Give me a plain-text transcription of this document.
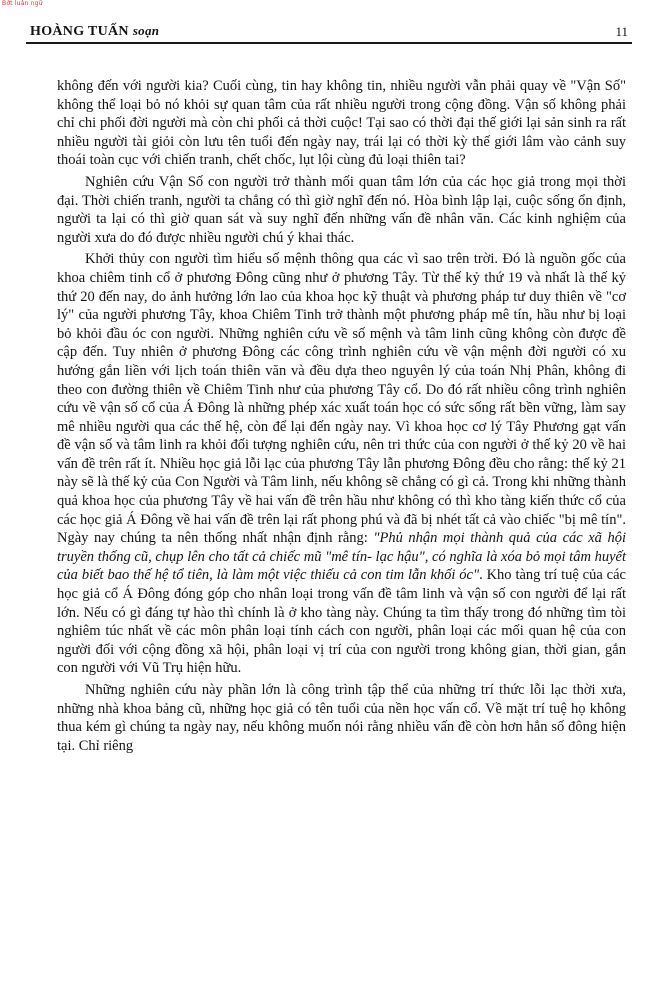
Bớt luận ngữ
HOÀNG TUẤN soạn	11

không đến với người kia? Cuối cùng, tin hay không tin, nhiều người vẫn phải quay về "Vận Số" không thể loại bỏ nó khỏi sự quan tâm của rất nhiều người trong cộng đồng. Vận số không phải chỉ chi phối đời người mà còn chi phối cả thời cuộc! Tại sao có thời đại thế giới lại sản sinh ra rất nhiều người tài giỏi còn lưu tên tuổi đến ngày nay, trái lại có thời kỳ thế giới lâm vào cảnh suy thoái toàn cục với chiến tranh, chết chốc, lụt lội cùng đủ loại thiên tai?

Nghiên cứu Vận Số con người trở thành mối quan tâm lớn của các học giả trong mọi thời đại. Thời chiến tranh, người ta chẳng có thì giờ nghĩ đến nó. Hòa bình lập lại, cuộc sống ổn định, người ta lại có thì giờ quan sát và suy nghĩ đến những vấn đề nhân văn. Các kinh nghiệm của người xưa do đó được nhiều người chú ý khai thác.

Khởi thủy con người tìm hiểu số mệnh thông qua các vì sao trên trời. Đó là nguồn gốc của khoa chiêm tinh cổ ở phương Đông cũng như ở phương Tây. Từ thế kỷ thứ 19 và nhất là thế kỷ thứ 20 đến nay, do ảnh hưởng lớn lao của khoa học kỹ thuật và phương pháp tư duy thiên về "cơ lý" của người phương Tây, khoa Chiêm Tinh trở thành một phương pháp mê tín, hầu như bị loại bỏ khỏi đầu óc con người. Những nghiên cứu về số mệnh và tâm linh cũng không còn được đề cập đến. Tuy nhiên ở phương Đông các công trình nghiên cứu về vận mệnh đời người có xu hướng gắn liền với lịch toán thiên văn và đều dựa theo nguyên lý của toán Nhị Phân, không đi theo con đường thiên về Chiêm Tinh như của phương Tây cổ. Do đó rất nhiều công trình nghiên cứu về vận số cổ của Á Đông là những phép xác xuất toán học có sức sống rất bền vững, làm say mê nhiều người qua các thế hệ, còn để lại đến ngày nay. Vì khoa học cơ lý Tây Phương gạt vấn đề vận số và tâm linh ra khỏi đối tượng nghiên cứu, nên tri thức của con người ở thế kỷ 20 về hai vấn đề trên rất ít. Nhiều học giả lỗi lạc của phương Tây lẫn phương Đông đều cho rằng: thế kỷ 21 này sẽ là thế kỷ của Con Người và Tâm linh, nếu không sẽ chẳng có gì cả. Trong khi những thành quả khoa học của phương Tây về hai vấn đề trên hầu như không có thì kho tàng kiến thức cổ của các học giả Á Đông về hai vấn đề trên lại rất phong phú và đã bị nhét tất cả vào chiếc "bị mê tín". Ngày nay chúng ta nên thống nhất nhận định rằng: "Phủ nhận mọi thành quả của các xã hội truyền thống cũ, chụp lên cho tất cả chiếc mũ "mê tín- lạc hậu", có nghĩa là xóa bỏ mọi tâm huyết của biết bao thế hệ tổ tiên, là làm một việc thiếu cả con tim lẫn khối óc". Kho tàng trí tuệ của các học giả cổ Á Đông đóng góp cho nhân loại trong vấn đề tâm linh và vận số con người để lại rất lớn. Nếu có gì đáng tự hào thì chính là ở kho tàng này. Chúng ta tìm thấy trong đó những tìm tòi nghiêm túc nhất về các môn phân loại tính cách con người, phân loại các mối quan hệ của con người đối với cộng đồng xã hội, phân loại vị trí của con người trong không gian, thời gian, gắn con người với Vũ Trụ hiện hữu.

Những nghiên cứu này phần lớn là công trình tập thể của những trí thức lỗi lạc thời xưa, những nhà khoa bảng cũ, những học giả có tên tuổi của nền học vấn cổ. Về mặt trí tuệ họ không thua kém gì chúng ta ngày nay, nếu không muốn nói rằng nhiều vấn đề còn hơn hẳn số đông hiện tại. Chỉ riêng
